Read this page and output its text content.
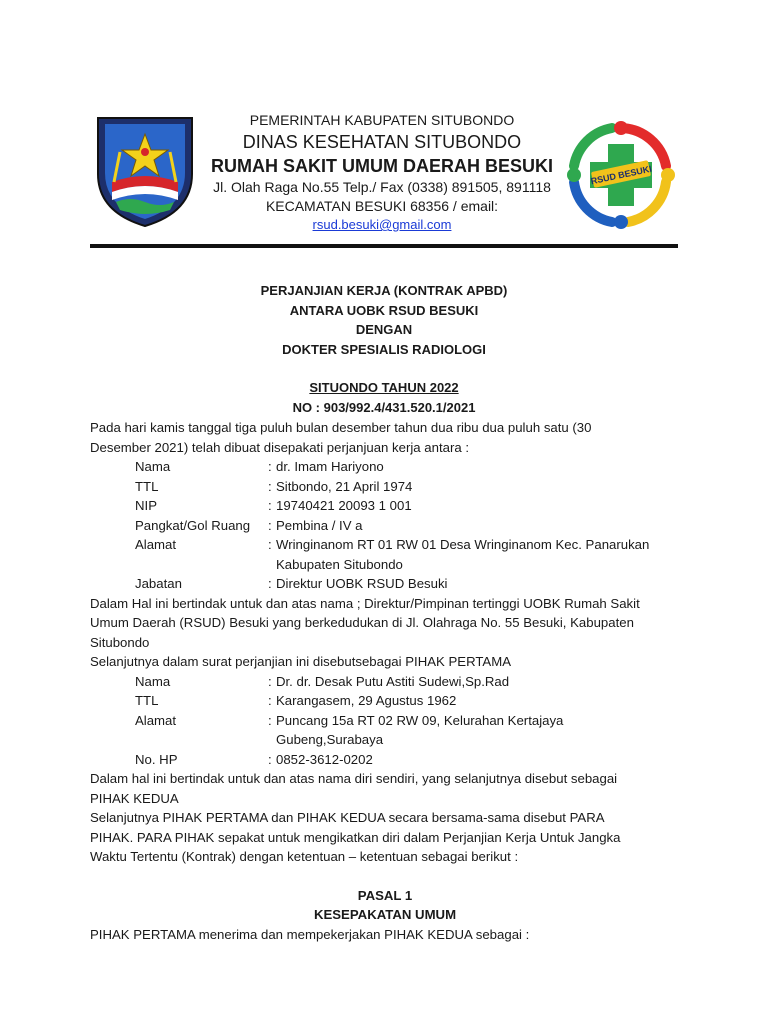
RSUD BESUKI
PEMERINTAH KABUPATEN SITUBONDO
DINAS KESEHATAN SITUBONDO
RUMAH SAKIT UMUM DAERAH BESUKI
Jl. Olah Raga No.55 Telp./ Fax (0338) 891505, 891118
KECAMATAN BESUKI 68356 / email:
rsud.besuki@gmail.com
PERJANJIAN KERJA (KONTRAK APBD)
ANTARA UOBK RSUD BESUKI
DENGAN
DOKTER SPESIALIS RADIOLOGI
SITUONDO TAHUN 2022
NO : 903/992.4/431.520.1/2021

Pada hari kamis tanggal tiga puluh bulan desember tahun dua ribu dua puluh satu (30

Desember 2021) telah dibuat disepakati perjanjuan kerja antara :

Nama	: dr. Imam Hariyono
TTL	: Sitbondo, 21 April 1974
NIP	: 19740421 20093 1 001
Pangkat/Gol Ruang	: Pembina / IV a
Alamat	: Wringinanom RT 01 RW 01 Desa Wringinanom Kec. Panarukan
Kabupaten Situbondo
Jabatan	: Direktur UOBK RSUD Besuki

Dalam Hal ini bertindak untuk dan atas nama ; Direktur/Pimpinan tertinggi UOBK Rumah Sakit

Umum Daerah (RSUD) Besuki yang berkedudukan di Jl. Olahraga No. 55 Besuki, Kabupaten

Situbondo

Selanjutnya dalam surat perjanjian ini disebutsebagai PIHAK PERTAMA

Nama	: Dr. dr. Desak Putu Astiti Sudewi,Sp.Rad
TTL	: Karangasem, 29 Agustus 1962
Alamat	: Puncang 15a RT 02 RW 09, Kelurahan Kertajaya
Gubeng,Surabaya
No. HP	: 0852-3612-0202

Dalam hal ini bertindak untuk dan atas nama diri sendiri, yang selanjutnya disebut sebagai

PIHAK KEDUA

Selanjutnya PIHAK PERTAMA dan PIHAK KEDUA secara bersama-sama disebut PARA

PIHAK. PARA PIHAK sepakat untuk mengikatkan diri dalam Perjanjian Kerja Untuk Jangka

Waktu Tertentu (Kontrak) dengan ketentuan – ketentuan sebagai berikut :

PASAL 1

KESEPAKATAN UMUM

PIHAK PERTAMA menerima dan mempekerjakan PIHAK KEDUA sebagai :
